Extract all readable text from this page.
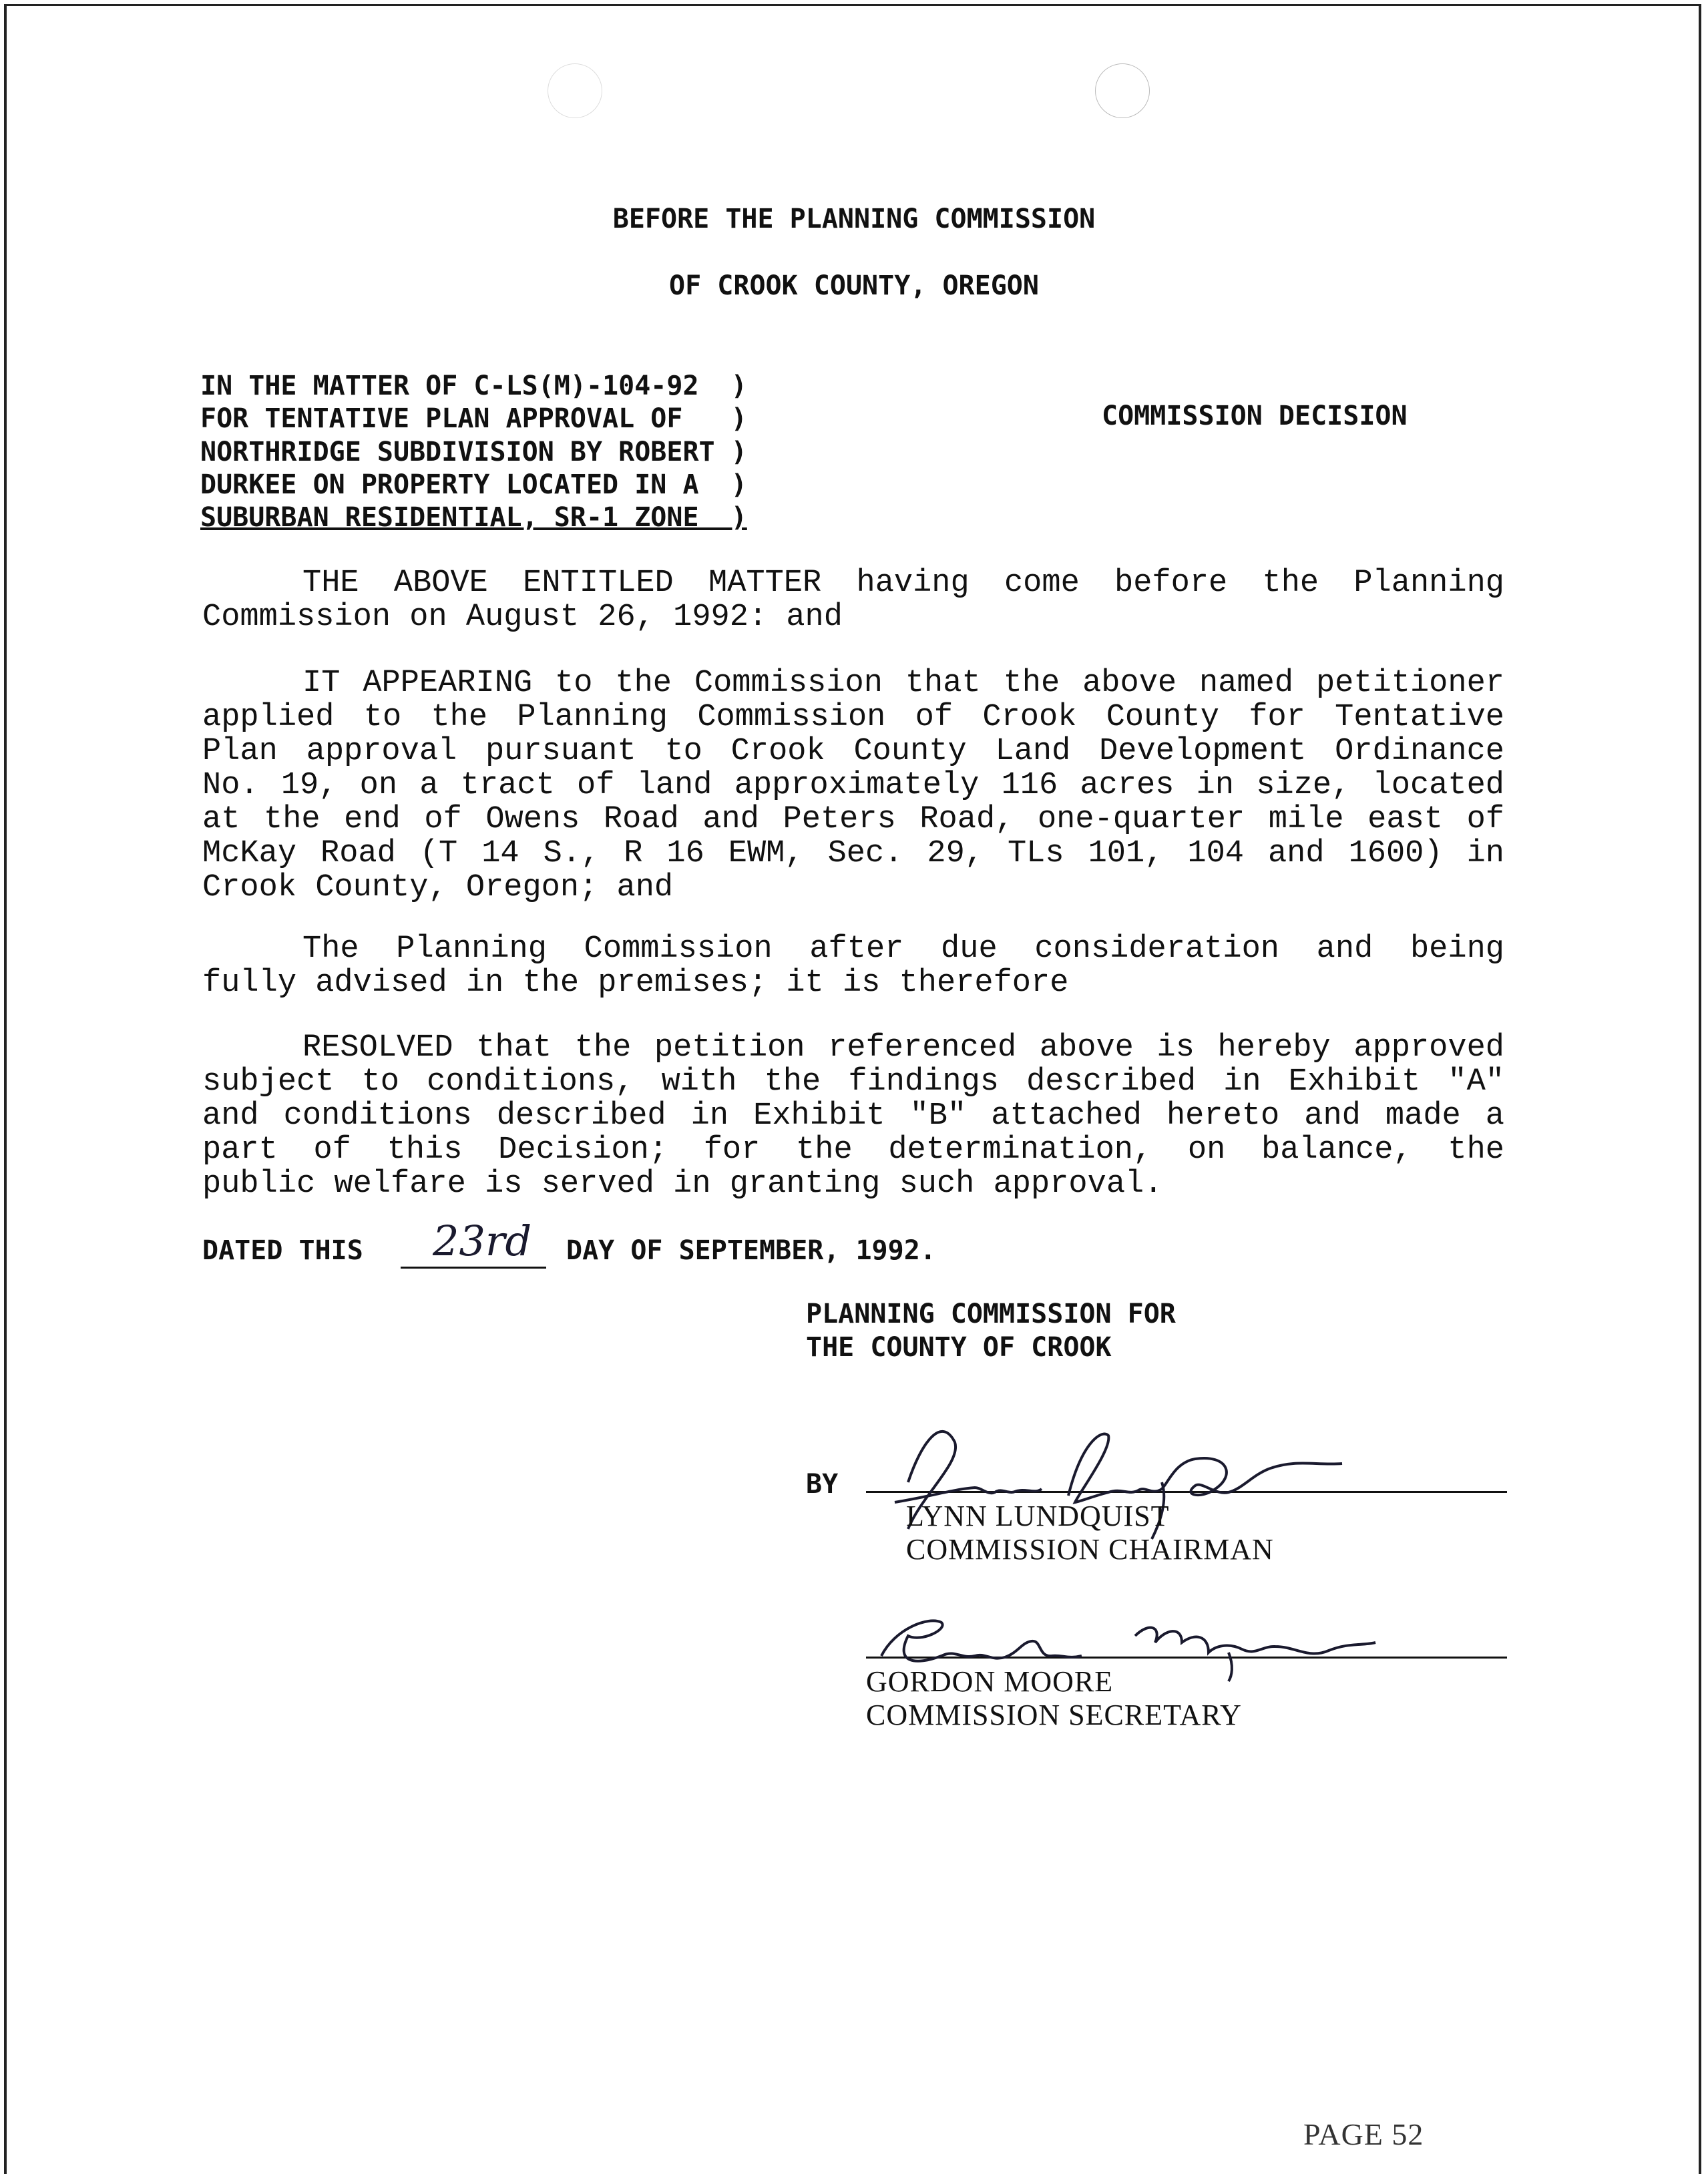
BEFORE THE PLANNING COMMISSION
OF CROOK COUNTY, OREGON
IN THE MATTER OF C-LS(M)-104-92  )
FOR TENTATIVE PLAN APPROVAL OF   )
NORTHRIDGE SUBDIVISION BY ROBERT )
DURKEE ON PROPERTY LOCATED IN A  )
SUBURBAN RESIDENTIAL, SR-1 ZONE  )
COMMISSION DECISION
THE ABOVE ENTITLED MATTER having come before the Planning
Commission on August 26, 1992: and
IT APPEARING to the Commission that the above named petitioner
applied to the Planning Commission of Crook County for Tentative
Plan approval pursuant to Crook County Land Development Ordinance
No. 19, on a tract of land approximately 116 acres in size, located
at the end of Owens Road and Peters Road, one-quarter mile east of
McKay Road (T 14 S., R 16 EWM, Sec. 29, TLs 101, 104 and 1600) in
Crook County, Oregon; and
The Planning Commission after due consideration and being
fully advised in the premises; it is therefore
RESOLVED that the petition referenced above is hereby approved
subject to conditions, with the findings described in Exhibit "A"
and conditions described in Exhibit "B" attached hereto and made a
part of this Decision; for the determination, on balance, the
public welfare is served in granting such approval.
DATED THIS 23rd DAY OF SEPTEMBER, 1992.
PLANNING COMMISSION FOR
THE COUNTY OF CROOK
BY
Lynn Lundquist
LYNN LUNDQUIST
COMMISSION CHAIRMAN
Gordon Moore
GORDON MOORE
COMMISSION SECRETARY
PAGE 52
